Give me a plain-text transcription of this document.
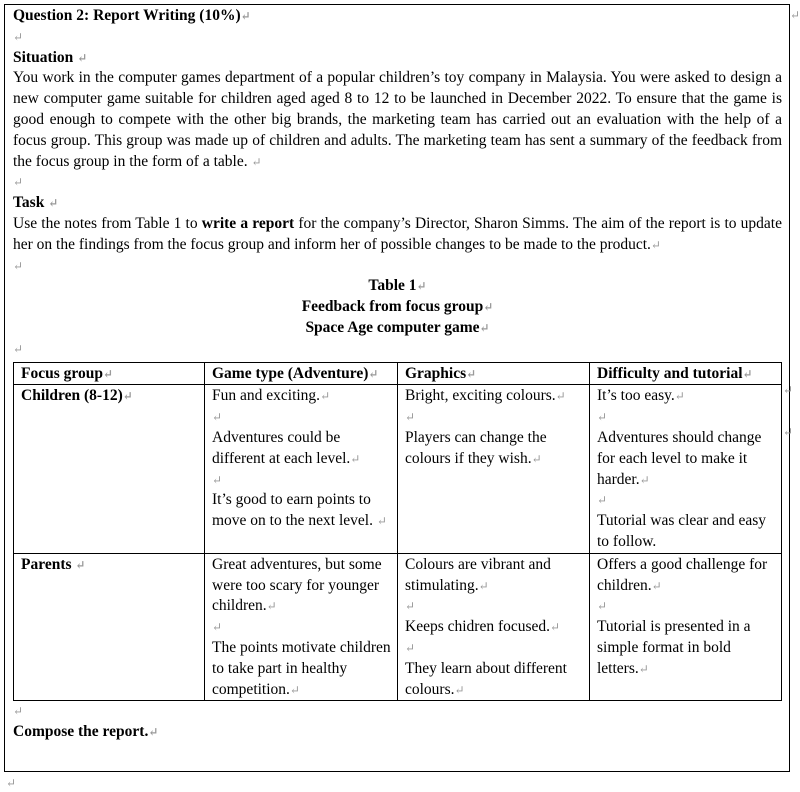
Question 2: Report Writing (10%)↵

↵

Situation ↵

You work in the computer games department of a popular children’s toy company in Malaysia. You were asked to design a new computer game suitable for children aged aged 8 to 12 to be launched in December 2022. To ensure that the game is good enough to compete with the other big brands, the marketing team has carried out an evaluation with the help of a focus group. This group was made up of children and adults. The marketing team has sent a summary of the feedback from the focus group in the form of a table. ↵

↵

Task ↵

Use the notes from Table 1 to write a report for the company’s Director, Sharon Simms. The aim of the report is to update her on the findings from the focus group and inform her of possible changes to be made to the product.↵

↵

Table 1↵

Feedback from focus group↵

Space Age computer game↵

↵

Focus group↵	Game type (Adventure)↵	Graphics↵	Difficulty and tutorial↵
Children (8-12)↵	Fun and exciting.↵
↵
Adventures could be different at each level.↵
↵
It’s good to earn points to move on to the next level. ↵	Bright, exciting colours.↵
↵
Players can change the colours if they wish.↵	It’s too easy.↵
↵
Adventures should change for each level to make it harder.↵
↵
Tutorial was clear and easy to follow.

Parents ↵	Great adventures, but some were too scary for younger children.↵
↵
The points motivate children to take part in healthy competition.↵	Colours are vibrant and stimulating.↵
↵
Keeps chidren focused.↵
↵
They learn about different colours.↵	Offers a good challenge for children.↵
↵
Tutorial is presented in a simple format in bold letters.↵

↵

Compose the report.↵

↵
↵
↵
↵
